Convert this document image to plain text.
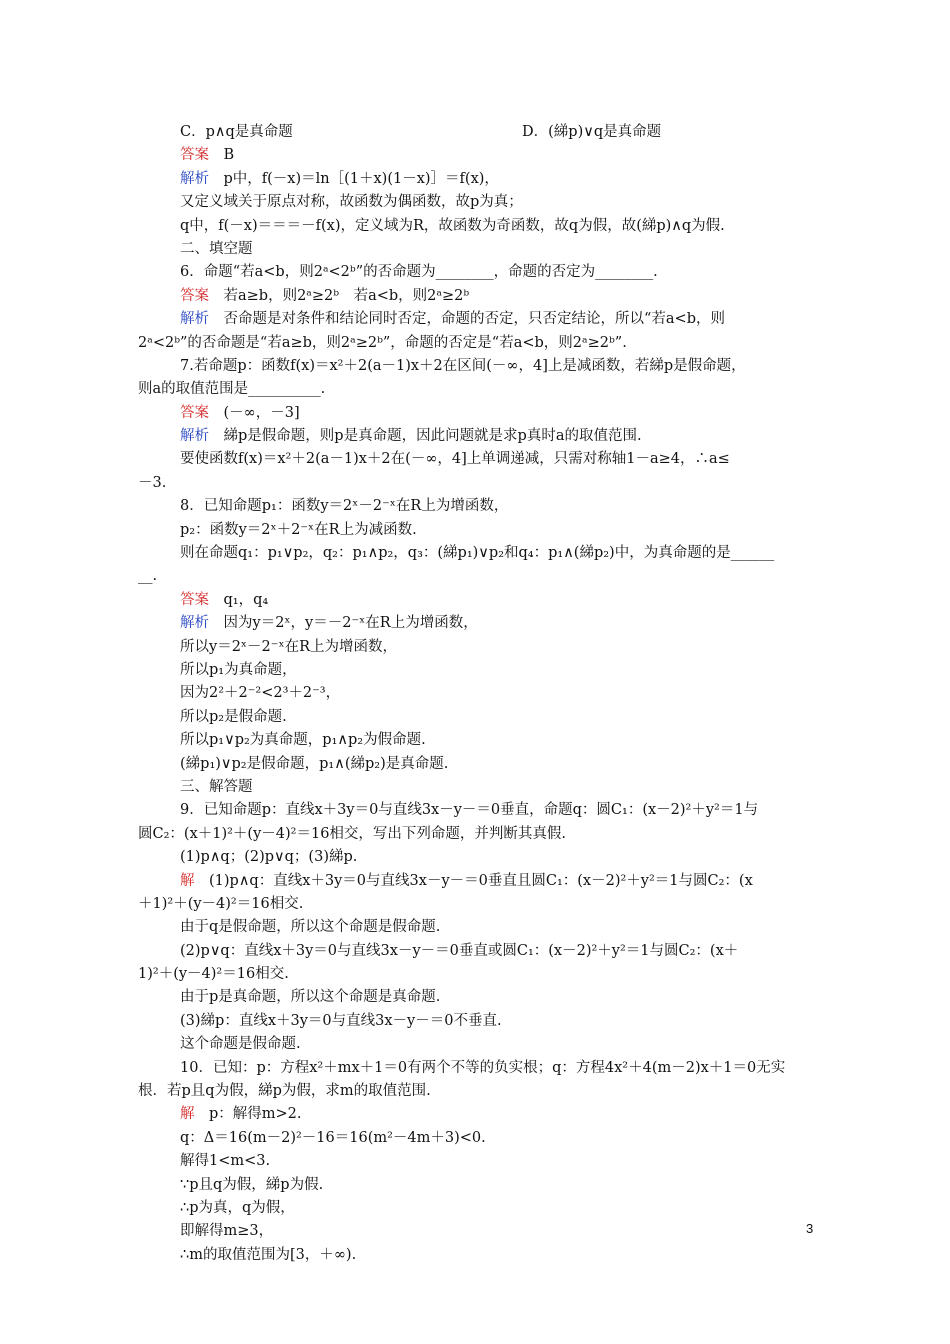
C．p∧q是真命题	D．(綈p)∨q是真命题
答案　B
解析　p中，f(－x)＝ln［(1＋x)(1－x)］＝f(x)，
又定义域关于原点对称，故函数为偶函数，故p为真；
q中，f(－x)＝＝＝－f(x)，定义域为R，故函数为奇函数，故q为假，故(綈p)∧q为假.
二、填空题
6．命题“若a<b，则2ᵃ<2ᵇ”的否命题为________，命题的否定为________.
答案　若a≥b，则2ᵃ≥2ᵇ　若a<b，则2ᵃ≥2ᵇ
解析　否命题是对条件和结论同时否定，命题的否定，只否定结论，所以“若a<b，则
2ᵃ<2ᵇ”的否命题是“若a≥b，则2ᵃ≥2ᵇ”，命题的否定是“若a<b，则2ᵃ≥2ᵇ”.
7.若命题p：函数f(x)＝x²＋2(a－1)x＋2在区间(－∞，4]上是减函数，若綈p是假命题，
则a的取值范围是__________.
答案　(－∞，－3]
解析　綈p是假命题，则p是真命题，因此问题就是求p真时a的取值范围.
要使函数f(x)＝x²＋2(a－1)x＋2在(－∞，4]上单调递减，只需对称轴1－a≥4，∴a≤
－3.
8．已知命题p₁：函数y＝2ˣ－2⁻ˣ在R上为增函数，
p₂：函数y＝2ˣ＋2⁻ˣ在R上为减函数.
则在命题q₁：p₁∨p₂，q₂：p₁∧p₂，q₃：(綈p₁)∨p₂和q₄：p₁∧(綈p₂)中，为真命题的是______
__.
答案　q₁，q₄
解析　因为y＝2ˣ，y＝－2⁻ˣ在R上为增函数，
所以y＝2ˣ－2⁻ˣ在R上为增函数，
所以p₁为真命题，
因为2²＋2⁻²<2³＋2⁻³，
所以p₂是假命题.
所以p₁∨p₂为真命题，p₁∧p₂为假命题.
(綈p₁)∨p₂是假命题，p₁∧(綈p₂)是真命题.
三、解答题
9．已知命题p：直线x＋3y＝0与直线3x－y－＝0垂直，命题q：圆C₁：(x－2)²＋y²＝1与
圆C₂：(x＋1)²＋(y－4)²＝16相交，写出下列命题，并判断其真假.
(1)p∧q；(2)p∨q；(3)綈p.
解　(1)p∧q：直线x＋3y＝0与直线3x－y－＝0垂直且圆C₁：(x－2)²＋y²＝1与圆C₂：(x
＋1)²＋(y－4)²＝16相交.
由于q是假命题，所以这个命题是假命题.
(2)p∨q：直线x＋3y＝0与直线3x－y－＝0垂直或圆C₁：(x－2)²＋y²＝1与圆C₂：(x＋
1)²＋(y－4)²＝16相交.
由于p是真命题，所以这个命题是真命题.
(3)綈p：直线x＋3y＝0与直线3x－y－＝0不垂直.
这个命题是假命题.
10．已知：p：方程x²＋mx＋1＝0有两个不等的负实根；q：方程4x²＋4(m－2)x＋1＝0无实
根．若p且q为假，綈p为假，求m的取值范围.
解　p：解得m>2.
q：Δ＝16(m－2)²－16＝16(m²－4m＋3)<0.
解得1<m<3.
∵p且q为假，綈p为假.
∴p为真，q为假，
即解得m≥3，
∴m的取值范围为[3，＋∞).
3
